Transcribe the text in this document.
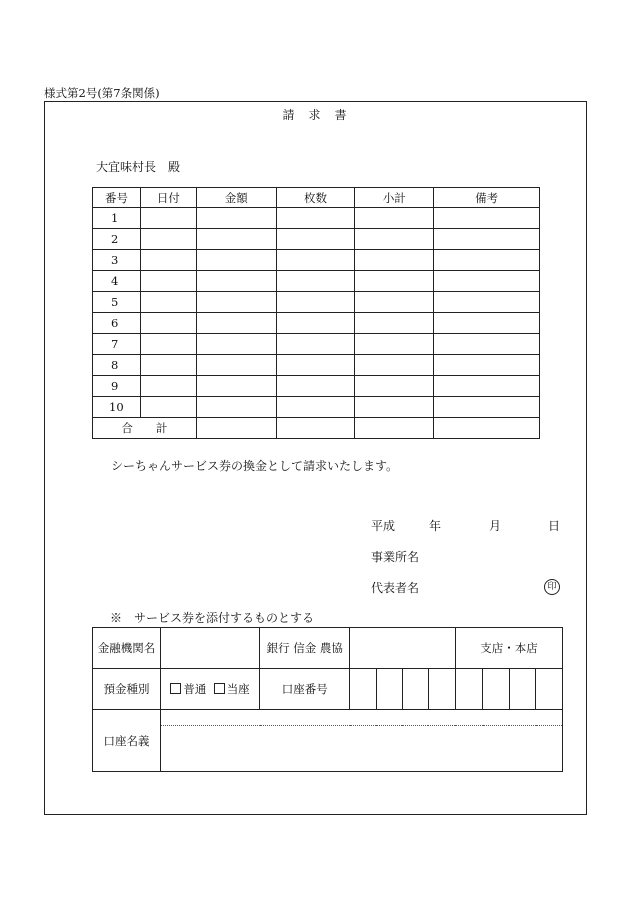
様式第2号(第7条関係)
請　求　書
大宜味村長　殿
番号	日付	金額	枚数	小計	備考
1					
2					
3					
4					
5					
6					
7					
8					
9					
10					
合　　計					
シーちゃんサービス券の換金として請求いたします。
平成	年	月	日
事業所名
代表者名	印
※　サービス券を添付するものとする
金融機関名		銀行 信金 農協					支店・本店			
預金種別	普通 当座	口座番号								
口座名義										
